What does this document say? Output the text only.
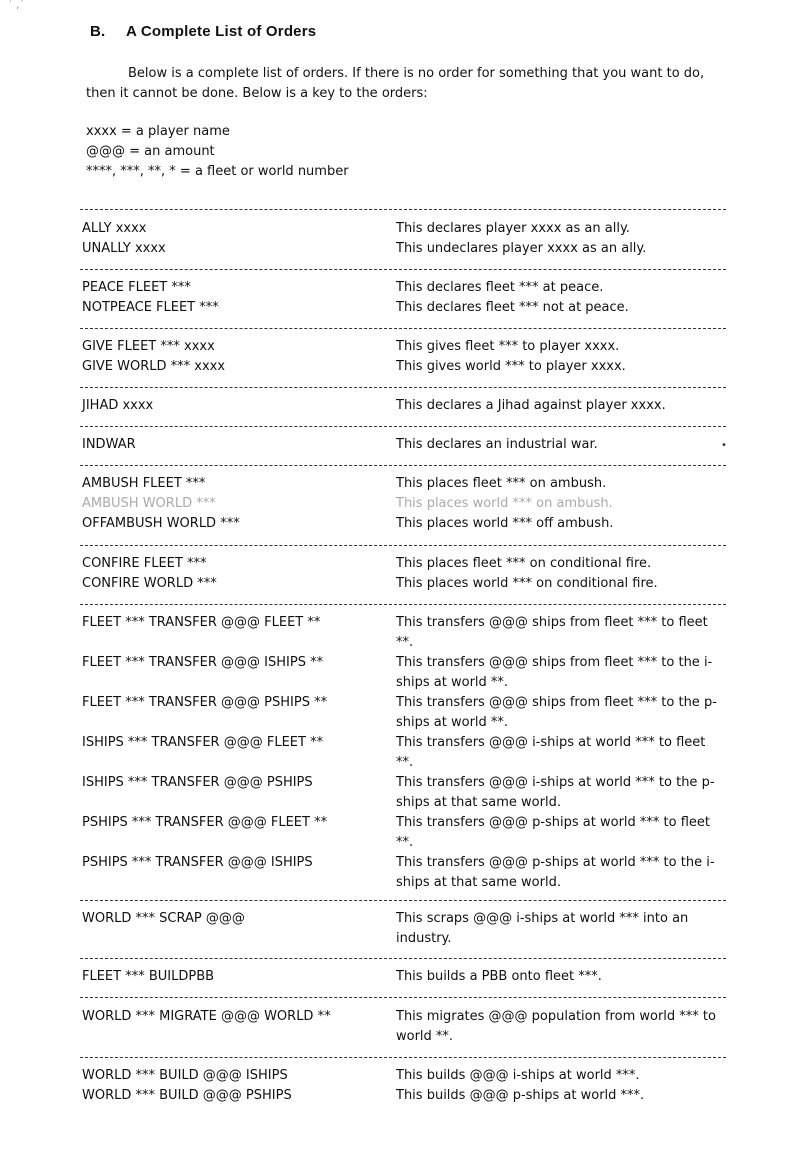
˙ ,˙
B. A Complete List of Orders
Below is a complete list of orders. If there is no order for something that you want to do,
then it cannot be done. Below is a key to the orders:
xxxx = a player name
@@@ = an amount
****, ***, **, * = a fleet or world number
ALLY xxxx	This declares player xxxx as an ally.
UNALLY xxxx	This undeclares player xxxx as an ally.
PEACE FLEET ***	This declares fleet *** at peace.
NOTPEACE FLEET ***	This declares fleet *** not at peace.
GIVE FLEET *** xxxx	This gives fleet *** to player xxxx.
GIVE WORLD *** xxxx	This gives world *** to player xxxx.
JIHAD xxxx	This declares a Jihad against player xxxx.
INDWAR	This declares an industrial war.
AMBUSH FLEET ***	This places fleet *** on ambush.
AMBUSH WORLD ***	This places world *** on ambush.
OFFAMBUSH WORLD ***	This places world *** off ambush.
CONFIRE FLEET ***	This places fleet *** on conditional fire.
CONFIRE WORLD ***	This places world *** on conditional fire.
FLEET *** TRANSFER @@@ FLEET **	This transfers @@@ ships from fleet *** to fleet **.
FLEET *** TRANSFER @@@ ISHIPS **	This transfers @@@ ships from fleet *** to the i-ships at world **.
FLEET *** TRANSFER @@@ PSHIPS **	This transfers @@@ ships from fleet *** to the p-ships at world **.
ISHIPS *** TRANSFER @@@ FLEET **	This transfers @@@ i-ships at world *** to fleet **.
ISHIPS *** TRANSFER @@@ PSHIPS	This transfers @@@ i-ships at world *** to the p-ships at that same world.
PSHIPS *** TRANSFER @@@ FLEET **	This transfers @@@ p-ships at world *** to fleet **.
PSHIPS *** TRANSFER @@@ ISHIPS	This transfers @@@ p-ships at world *** to the i-ships at that same world.
WORLD *** SCRAP @@@	This scraps @@@ i-ships at world *** into an industry.
FLEET *** BUILDPBB	This builds a PBB onto fleet ***.
WORLD *** MIGRATE @@@ WORLD **	This migrates @@@ population from world *** to world **.
WORLD *** BUILD @@@ ISHIPS	This builds @@@ i-ships at world ***.
WORLD *** BUILD @@@ PSHIPS	This builds @@@ p-ships at world ***.
•
